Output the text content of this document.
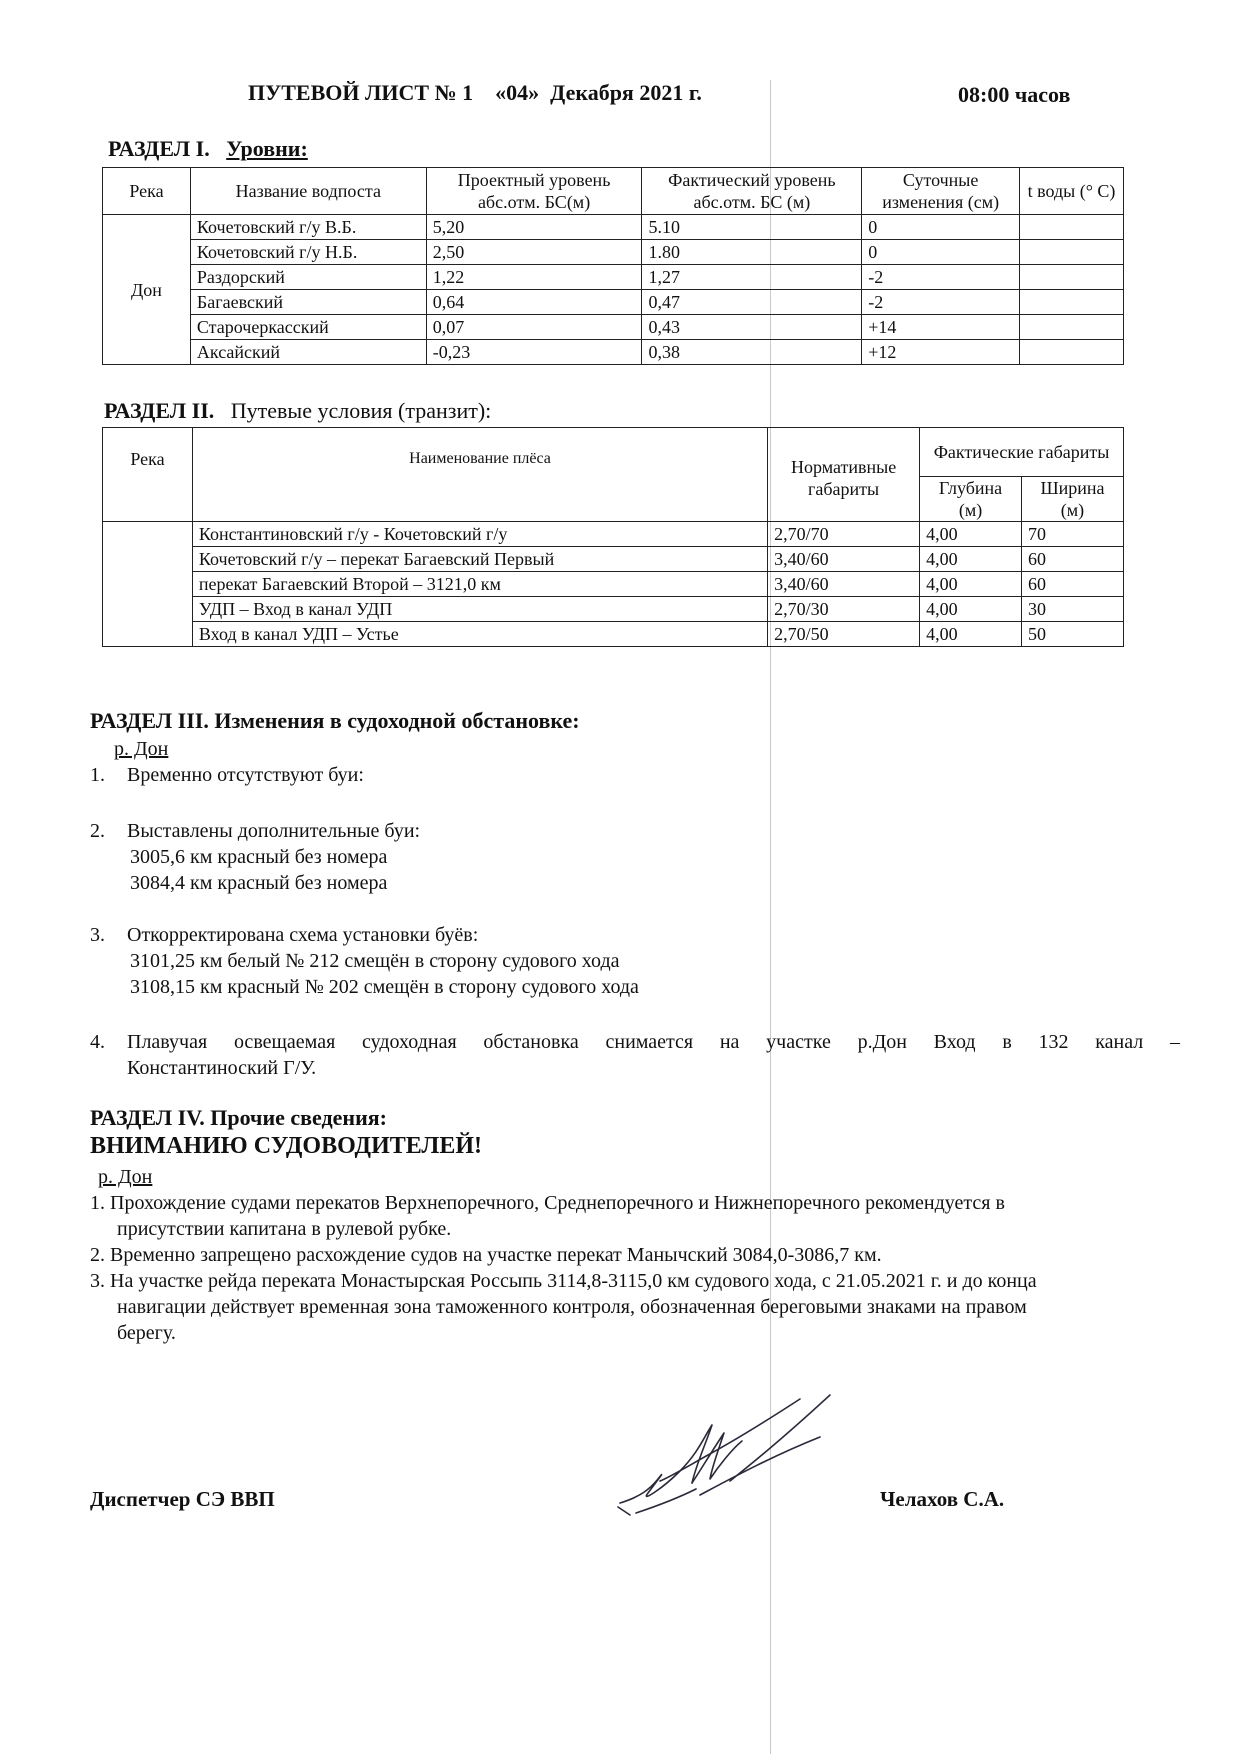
ПУТЕВОЙ ЛИСТ № 1    «04»  Декабря 2021 г.	08:00 часов
РАЗДЕЛ I. Уровни:
Река	Название водпоста	Проектный уровень абс.отм. БС(м)	Фактический уровень абс.отм. БС (м)	Суточные изменения (см)	t воды (° С)
Дон	Кочетовский г/у В.Б.	5,20	5.10	0	
	Кочетовский г/у Н.Б.	2,50	1.80	0	
	Раздорский	1,22	1,27	-2	
	Багаевский	0,64	0,47	-2	
	Старочеркасский	0,07	0,43	+14	
	Аксайский	-0,23	0,38	+12	
РАЗДЕЛ II. Путевые условия (транзит):
Река	Наименование плёса	Нормативные габариты	Фактические габариты	
			Глубина (м)	Ширина (м)
	Константиновский г/у - Кочетовский г/у	2,70/70	4,00	70
	Кочетовский г/у – перекат Багаевский Первый	3,40/60	4,00	60
	перекат Багаевский Второй – 3121,0 км	3,40/60	4,00	60
	УДП – Вход в канал УДП	2,70/30	4,00	30
	Вход в канал УДП – Устье	2,70/50	4,00	50
РАЗДЕЛ III. Изменения в судоходной обстановке:
р. Дон
1. Временно отсутствуют буи:
2. Выставлены дополнительные буи:
3005,6 км красный без номера
3084,4 км красный без номера
3. Откорректирована схема установки буёв:
3101,25 км белый № 212 смещён в сторону судового хода
3108,15 км красный № 202 смещён в сторону судового хода
4. Плавучая освещаемая судоходная обстановка снимается на участке р.Дон Вход в 132 канал –
Константиноский Г/У.
РАЗДЕЛ IV. Прочие сведения:
ВНИМАНИЮ СУДОВОДИТЕЛЕЙ!
р. Дон
1. Прохождение судами перекатов Верхнепоречного, Среднепоречного и Нижнепоречного рекомендуется в
присутствии капитана в рулевой рубке.
2. Временно запрещено расхождение судов на участке перекат Манычский 3084,0-3086,7 км.
3. На участке рейда переката Монастырская Россыпь 3114,8-3115,0 км судового хода, с 21.05.2021 г. и до конца
навигации действует временная зона таможенного контроля, обозначенная береговыми знаками на правом
берегу.
Диспетчер СЭ ВВП	Челахов С.А.
